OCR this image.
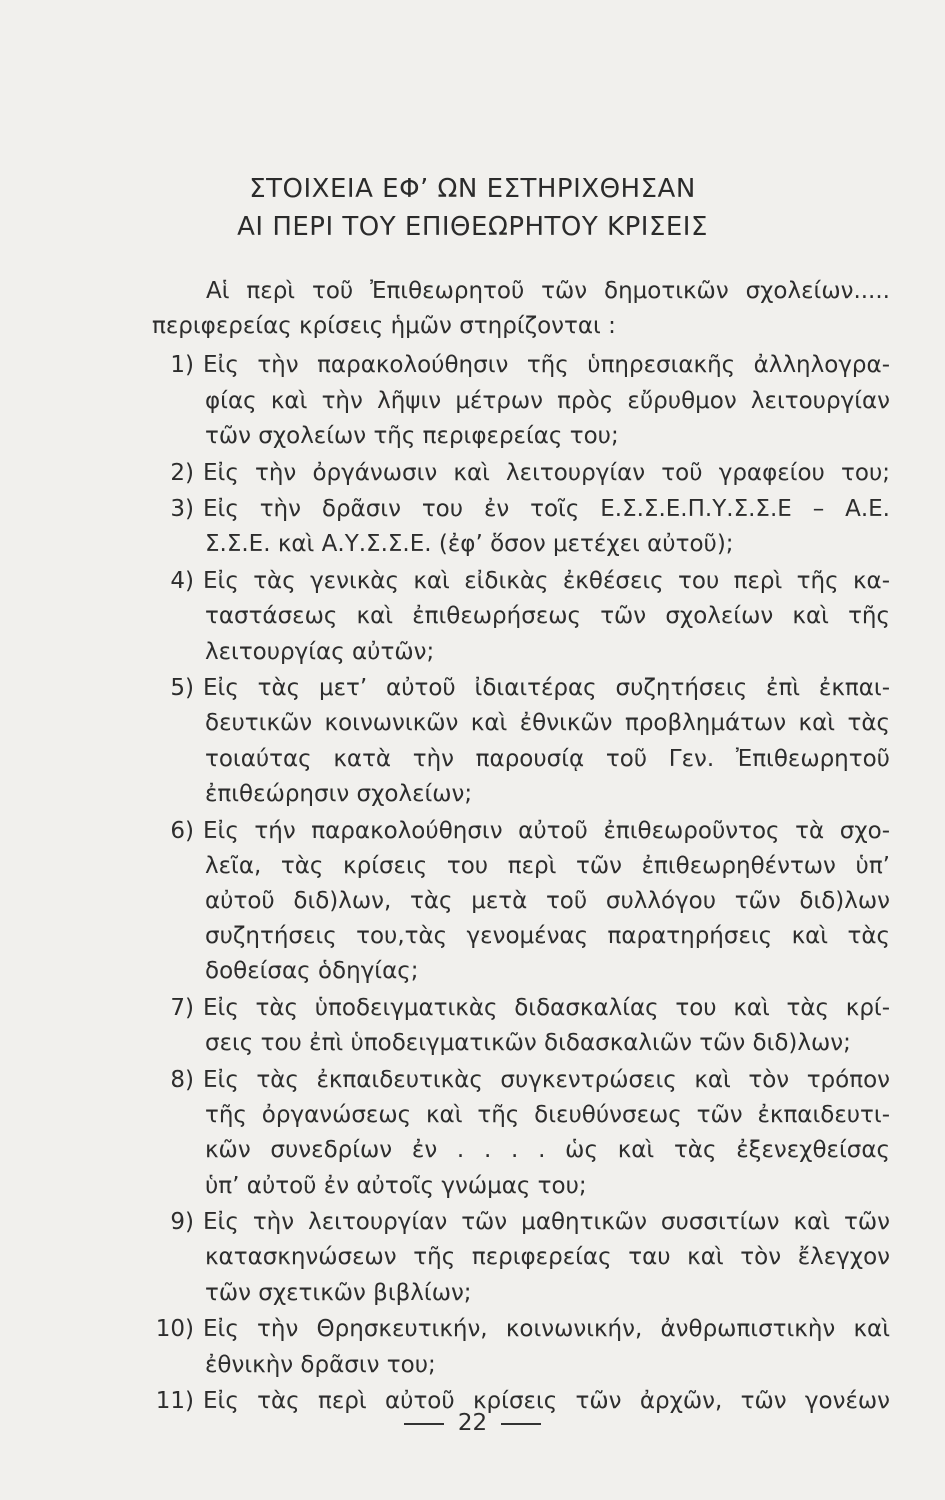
ΣΤΟΙΧΕΙΑ ΕΦ’ ΩΝ ΕΣΤΗΡΙΧΘΗΣΑΝ
ΑΙ ΠΕΡΙ ΤΟΥ ΕΠΙΘΕΩΡΗΤΟΥ ΚΡΙΣΕΙΣ
Αἱ περὶ τοῦ Ἐπιθεωρητοῦ τῶν δημοτικῶν σχολείων.....
περιφερείας κρίσεις ἡμῶν στηρίζονται :
1) Εἰς τὴν παρακολούθησιν τῆς ὑπηρεσιακῆς ἀλληλογρα-
φίας καὶ τὴν λῆψιν μέτρων πρὸς εὔρυθμον λειτουργίαν
τῶν σχολείων τῆς περιφερείας του;
2) Εἰς τὴν ὀργάνωσιν καὶ λειτουργίαν τοῦ γραφείου του;
3) Εἰς τὴν δρᾶσιν του ἐν τοῖς Ε.Σ.Σ.Ε.Π.Υ.Σ.Σ.Ε – Α.Ε.
Σ.Σ.Ε. καὶ Α.Υ.Σ.Σ.Ε. (ἐφ’ ὅσον μετέχει αὐτοῦ);
4) Εἰς τὰς γενικὰς καὶ εἰδικὰς ἐκθέσεις του περὶ τῆς κα-
ταστάσεως καὶ ἐπιθεωρήσεως τῶν σχολείων καὶ τῆς
λειτουργίας αὐτῶν;
5) Εἰς τὰς μετ’ αὐτοῦ ἰδιαιτέρας συζητήσεις ἐπὶ ἐκπαι-
δευτικῶν κοινωνικῶν καὶ ἐθνικῶν προβλημάτων καὶ τὰς
τοιαύτας κατὰ τὴν παρουσίᾳ τοῦ Γεν. Ἐπιθεωρητοῦ
ἐπιθεώρησιν σχολείων;
6) Εἰς τήν παρακολούθησιν αὐτοῦ ἐπιθεωροῦντος τὰ σχο-
λεῖα, τὰς κρίσεις του περὶ τῶν ἐπιθεωρηθέντων ὑπ’
αὐτοῦ διδ)λων, τὰς μετὰ τοῦ συλλόγου τῶν διδ)λων
συζητήσεις του,τὰς γενομένας παρατηρήσεις καὶ τὰς
δοθείσας ὁδηγίας;
7) Εἰς τὰς ὑποδειγματικὰς διδασκαλίας του καὶ τὰς κρί-
σεις του ἐπὶ ὑποδειγματικῶν διδασκαλιῶν τῶν διδ)λων;
8) Εἰς τὰς ἐκπαιδευτικὰς συγκεντρώσεις καὶ τὸν τρόπον
τῆς ὀργανώσεως καὶ τῆς διευθύνσεως τῶν ἐκπαιδευτι-
κῶν συνεδρίων ἐν . . . . ὡς καὶ τὰς ἐξενεχθείσας
ὑπ’ αὐτοῦ ἐν αὐτοῖς γνώμας του;
9) Εἰς τὴν λειτουργίαν τῶν μαθητικῶν συσσιτίων καὶ τῶν
κατασκηνώσεων τῆς περιφερείας ταυ καὶ τὸν ἔλεγχον
τῶν σχετικῶν βιβλίων;
10) Εἰς τὴν Θρησκευτικήν, κοινωνικήν, ἀνθρωπιστικὴν καὶ
ἐθνικὴν δρᾶσιν του;
11) Εἰς τὰς περὶ αὐτοῦ κρίσεις τῶν ἀρχῶν, τῶν γονέων
22
